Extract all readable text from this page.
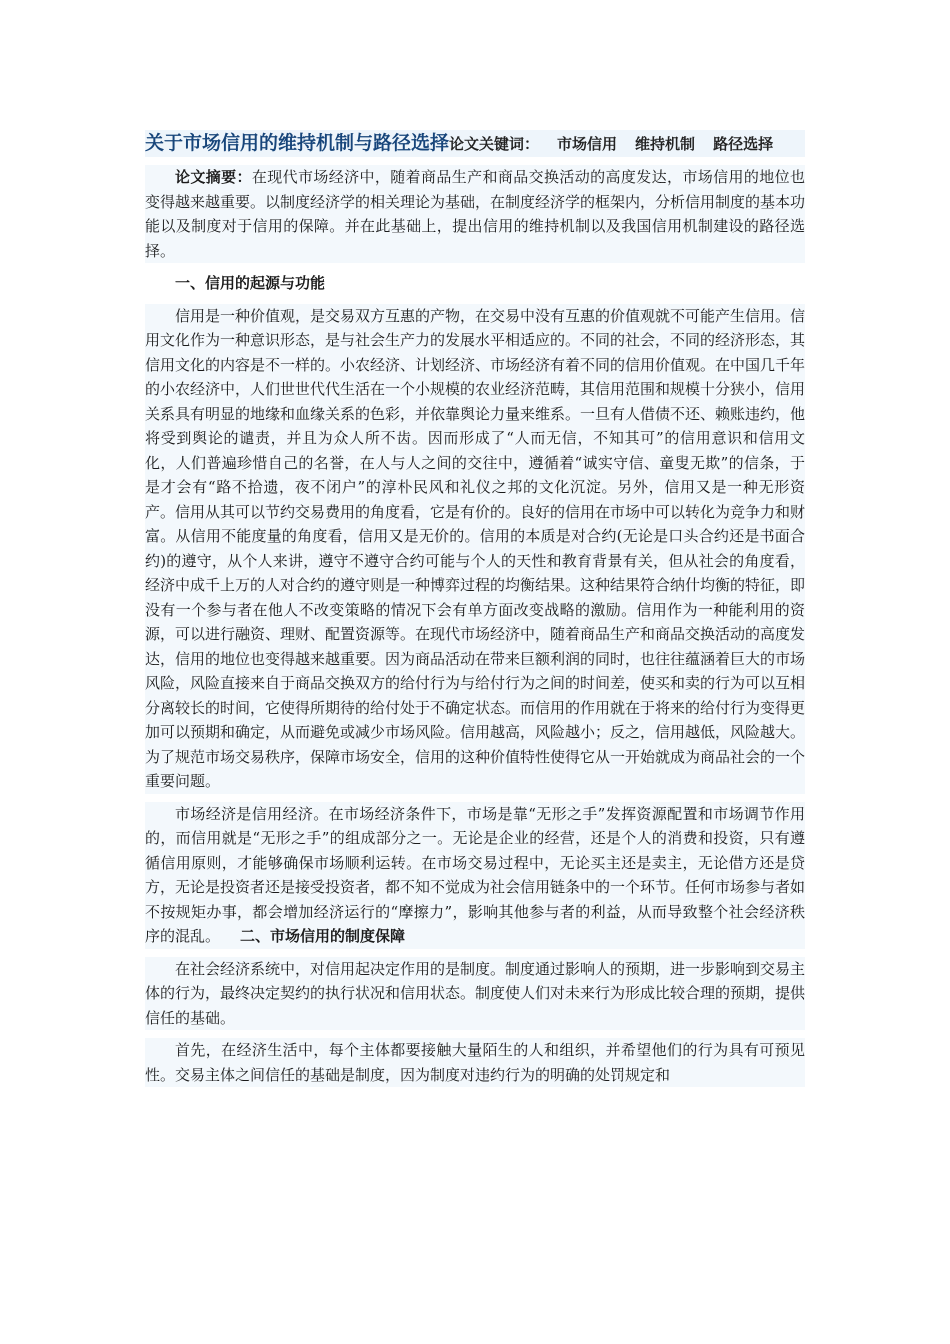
关于市场信用的维持机制与路径选择论文关键词： 市场信用 维持机制 路径选择

论文摘要：在现代市场经济中，随着商品生产和商品交换活动的高度发达，市场信用的地位也变得越来越重要。以制度经济学的相关理论为基础，在制度经济学的框架内，分析信用制度的基本功能以及制度对于信用的保障。并在此基础上，提出信用的维持机制以及我国信用机制建设的路径选择。

一、信用的起源与功能

信用是一种价值观，是交易双方互惠的产物，在交易中没有互惠的价值观就不可能产生信用。信用文化作为一种意识形态，是与社会生产力的发展水平相适应的。不同的社会，不同的经济形态，其信用文化的内容是不一样的。小农经济、计划经济、市场经济有着不同的信用价值观。在中国几千年的小农经济中，人们世世代代生活在一个小规模的农业经济范畴，其信用范围和规模十分狭小，信用关系具有明显的地缘和血缘关系的色彩，并依靠舆论力量来维系。一旦有人借债不还、赖账违约，他将受到舆论的谴责，并且为众人所不齿。因而形成了“人而无信，不知其可”的信用意识和信用文化，人们普遍珍惜自己的名誉，在人与人之间的交往中，遵循着“诚实守信、童叟无欺”的信条，于是才会有“路不拾遗，夜不闭户”的淳朴民风和礼仪之邦的文化沉淀。另外，信用又是一种无形资产。信用从其可以节约交易费用的角度看，它是有价的。良好的信用在市场中可以转化为竞争力和财富。从信用不能度量的角度看，信用又是无价的。信用的本质是对合约(无论是口头合约还是书面合约)的遵守，从个人来讲，遵守不遵守合约可能与个人的天性和教育背景有关，但从社会的角度看，经济中成千上万的人对合约的遵守则是一种博弈过程的均衡结果。这种结果符合纳什均衡的特征，即没有一个参与者在他人不改变策略的情况下会有单方面改变战略的激励。信用作为一种能利用的资源，可以进行融资、理财、配置资源等。在现代市场经济中，随着商品生产和商品交换活动的高度发达，信用的地位也变得越来越重要。因为商品活动在带来巨额利润的同时，也往往蕴涵着巨大的市场风险，风险直接来自于商品交换双方的给付行为与给付行为之间的时间差，使买和卖的行为可以互相分离较长的时间，它使得所期待的给付处于不确定状态。而信用的作用就在于将来的给付行为变得更加可以预期和确定，从而避免或减少市场风险。信用越高，风险越小；反之，信用越低，风险越大。为了规范市场交易秩序，保障市场安全，信用的这种价值特性使得它从一开始就成为商品社会的一个重要问题。

市场经济是信用经济。在市场经济条件下，市场是靠“无形之手”发挥资源配置和市场调节作用的，而信用就是“无形之手”的组成部分之一。无论是企业的经营，还是个人的消费和投资，只有遵循信用原则，才能够确保市场顺利运转。在市场交易过程中，无论买主还是卖主，无论借方还是贷方，无论是投资者还是接受投资者，都不知不觉成为社会信用链条中的一个环节。任何市场参与者如不按规矩办事，都会增加经济运行的“摩擦力”，影响其他参与者的利益，从而导致整个社会经济秩序的混乱。 二、市场信用的制度保障

在社会经济系统中，对信用起决定作用的是制度。制度通过影响人的预期，进一步影响到交易主体的行为，最终决定契约的执行状况和信用状态。制度使人们对未来行为形成比较合理的预期，提供信任的基础。

首先，在经济生活中，每个主体都要接触大量陌生的人和组织，并希望他们的行为具有可预见性。交易主体之间信任的基础是制度，因为制度对违约行为的明确的处罚规定和
